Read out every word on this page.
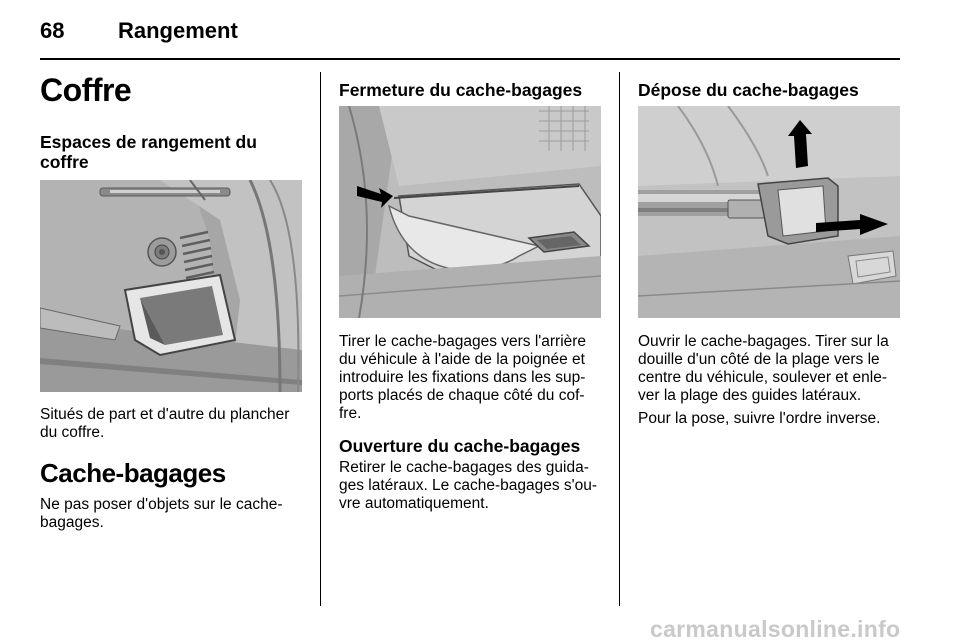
68 Rangement
Coffre
Espaces de rangement du
coffre
Situés de part et d'autre du plancher
du coffre.
Cache-bagages
Ne pas poser d'objets sur le cache-
bagages.
Fermeture du cache-bagages
Tirer le cache-bagages vers l'arrière
du véhicule à l'aide de la poignée et
introduire les fixations dans les sup-
ports placés de chaque côté du cof-
fre.
Ouverture du cache-bagages
Retirer le cache-bagages des guida-
ges latéraux. Le cache-bagages s'ou-
vre automatiquement.
Dépose du cache-bagages
Ouvrir le cache-bagages. Tirer sur la
douille d'un côté de la plage vers le
centre du véhicule, soulever et enle-
ver la plage des guides latéraux.
Pour la pose, suivre l'ordre inverse.
carmanualsonline.info
